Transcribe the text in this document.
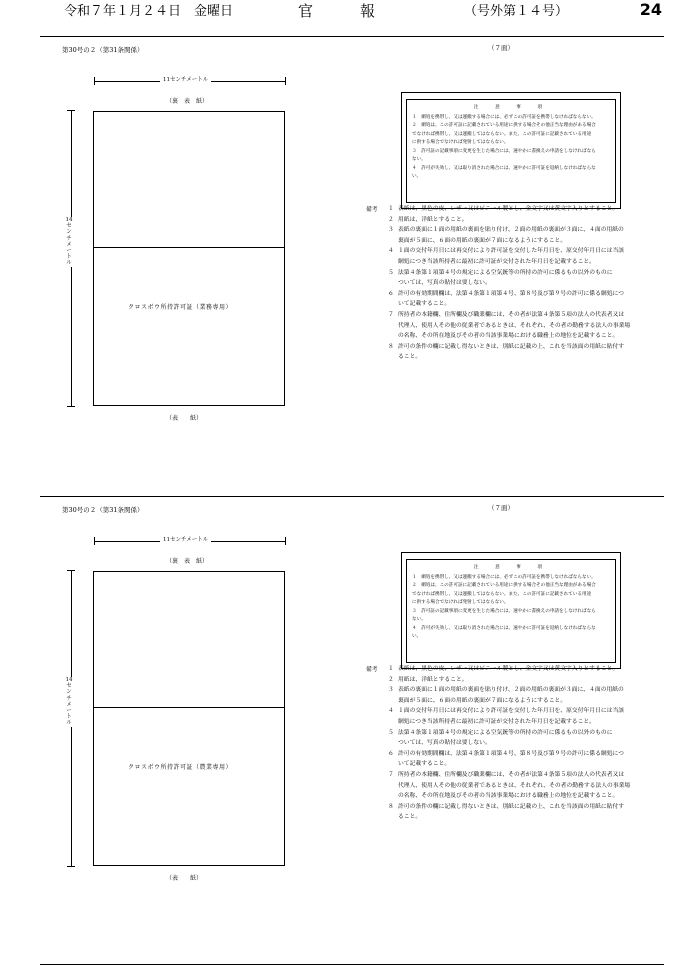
令和７年１月２４日　金曜日	官	報	（号外第１４号）	24
第30号の２（第31条関係）	（７面）
11センチメートル
（裏　表　紙）
クロスボウ所持許可証（業務専用）
（表　　紙）
14センチメートル
注　意　事　項
１　網処を携帯し、又は運搬する場合には、必ずこの許可証を携帯しなければならない。
２　網処は、この許可証に記載されている用途に供する場合その他正当な理由がある場合
でなければ携帯し、又は運搬してはならない。また、この許可証に記載されている用途
に供する場合でなければ発射してはならない。
３　許可証の記載事項に変更を生じた場合には、速やかに書換えの申請をしなければなら
ない。
４　許可が失効し、又は取り消された場合には、速やかに許可証を返納しなければならな
い。
備考 １ 表紙は、黒色の皮、レザー又はビニール製とし、金文字又は黄文字入りとすること。
２ 用紙は、洋紙とすること。
３ 表紙の裏面に１面の用紙の裏面を貼り付け、２面の用紙の裏面が３面に、４面の用紙の
裏面が５面に、６面の用紙の裏面が７面になるようにすること。
４ １面の交付年月日には再交付により許可証を交付した年月日を、原交付年月日には当該
網処につき当該所持者に最初に許可証が交付された年月日を記載すること。
５ 法第４条第１項第４号の規定による空気銃等の所持の許可に係るもの以外のものに
ついては、写真の貼付は要しない。
６ 許可の有効期間欄は、法第４条第１項第４号、第８号及び第９号の許可に係る網処につ
いて記載すること。
７ 所持者の本籍欄、住所欄及び職業欄には、その者が法第４条第５項の法人の代表者又は
代理人、使用人その他の従業者であるときは、それぞれ、その者の勤務する法人の事業場
の名称、その所在地及びその者の当該事業場における職務上の地位を記載すること。
８ 許可の条件の欄に記載し得ないときは、別紙に記載の上、これを当該面の用紙に貼付す
ること。
第30号の２（第31条関係）	（７面）
11センチメートル
（裏　表　紙）
クロスボウ所持許可証（農業専用）
（表　　紙）
14センチメートル
注　意　事　項
１　網処を携帯し、又は運搬する場合には、必ずこの許可証を携帯しなければならない。
２　網処は、この許可証に記載されている用途に供する場合その他正当な理由がある場合
でなければ携帯し、又は運搬してはならない。また、この許可証に記載されている用途
に供する場合でなければ発射してはならない。
３　許可証の記載事項に変更を生じた場合には、速やかに書換えの申請をしなければなら
ない。
４　許可が失効し、又は取り消された場合には、速やかに許可証を返納しなければならな
い。
備考 １ 表紙は、黒色の皮、レザー又はビニール製とし、金文字又は黄文字入りとすること。
２ 用紙は、洋紙とすること。
３ 表紙の裏面に１面の用紙の裏面を貼り付け、２面の用紙の裏面が３面に、４面の用紙の
裏面が５面に、６面の用紙の裏面が７面になるようにすること。
４ １面の交付年月日には再交付により許可証を交付した年月日を、原交付年月日には当該
網処につき当該所持者に最初に許可証が交付された年月日を記載すること。
５ 法第４条第１項第４号の規定による空気銃等の所持の許可に係るもの以外のものに
ついては、写真の貼付は要しない。
６ 許可の有効期間欄は、法第４条第１項第４号、第８号及び第９号の許可に係る網処につ
いて記載すること。
７ 所持者の本籍欄、住所欄及び職業欄には、その者が法第４条第５項の法人の代表者又は
代理人、使用人その他の従業者であるときは、それぞれ、その者の勤務する法人の事業場
の名称、その所在地及びその者の当該事業場における職務上の地位を記載すること。
８ 許可の条件の欄に記載し得ないときは、別紙に記載の上、これを当該面の用紙に貼付す
ること。
